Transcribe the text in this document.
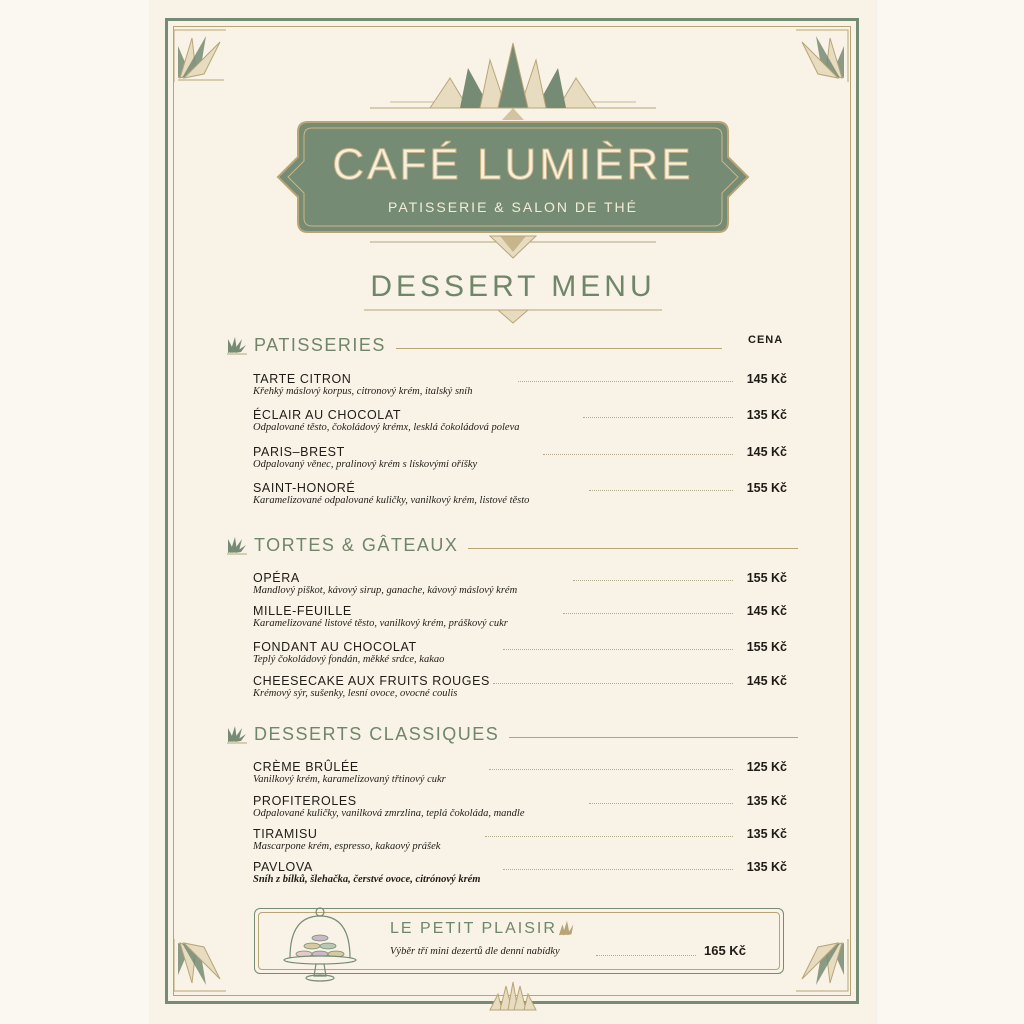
CAFÉ LUMIÈRE
PATISSERIE & SALON DE THÉ
DESSERT MENU
CENA
PATISSERIES
TARTE CITRON
Křehký máslový korpus, citronový krém, italský sníh
145 Kč
ÉCLAIR AU CHOCOLAT
Odpalované těsto, čokoládový krémx, lesklá čokoládová poleva
135 Kč
PARIS–BREST
Odpalovaný věnec, pralinový krém s lískovými oříšky
145 Kč
SAINT-HONORÉ
Karamelizované odpalované kuličky, vanilkový krém, listové těsto
155 Kč
TORTES & GÂTEAUX
OPÉRA
Mandlový piškot, kávový sirup, ganache, kávový máslový krém
155 Kč
MILLE-FEUILLE
Karamelizované listové těsto, vanilkový krém, práškový cukr
145 Kč
FONDANT AU CHOCOLAT
Teplý čokoládový fondán, měkké srdce, kakao
155 Kč
CHEESECAKE AUX FRUITS ROUGES
Krémový sýr, sušenky, lesní ovoce, ovocné coulis
145 Kč
DESSERTS CLASSIQUES
CRÈME BRÛLÉE
Vanilkový krém, karamelizovaný třtinový cukr
125 Kč
PROFITEROLES
Odpalované kuličky, vanilková zmrzlina, teplá čokoláda, mandle
135 Kč
TIRAMISU
Mascarpone krém, espresso, kakaový prášek
135 Kč
PAVLOVA
Sníh z bílků, šlehačka, čerstvé ovoce, citrónový krém
135 Kč
LE PETIT PLAISIR
Výběr tří mini dezertů dle denní nabídky	165 Kč
